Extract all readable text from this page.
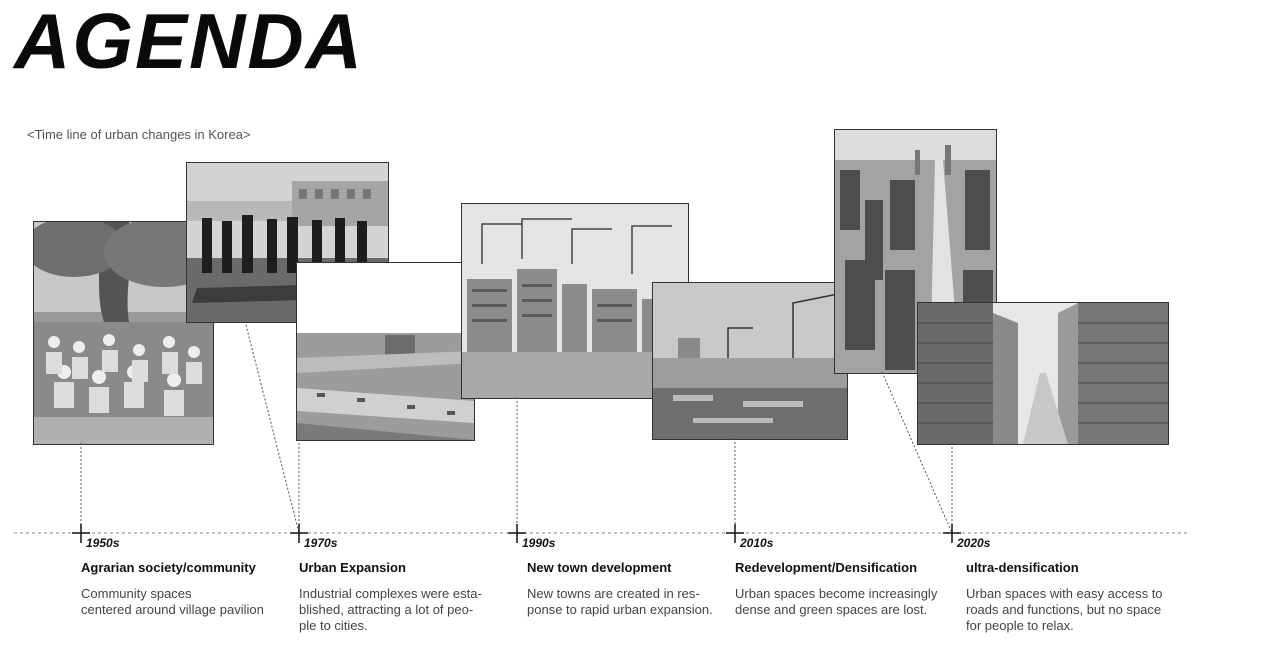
AGENDA
<Time line of urban changes in Korea>
1950s
Agrarian society/community
Community spaces
centered around village pavilion
1970s
Urban Expansion
Industrial complexes were esta-
blished, attracting a lot of peo-
ple to cities.
1990s
New town development
New towns are created in res-
ponse to rapid urban expansion.
2010s
Redevelopment/Densification
Urban spaces become increasingly
dense and green spaces are lost.
2020s
ultra-densification
Urban spaces with easy access to
roads and functions, but no space
for people to relax.
